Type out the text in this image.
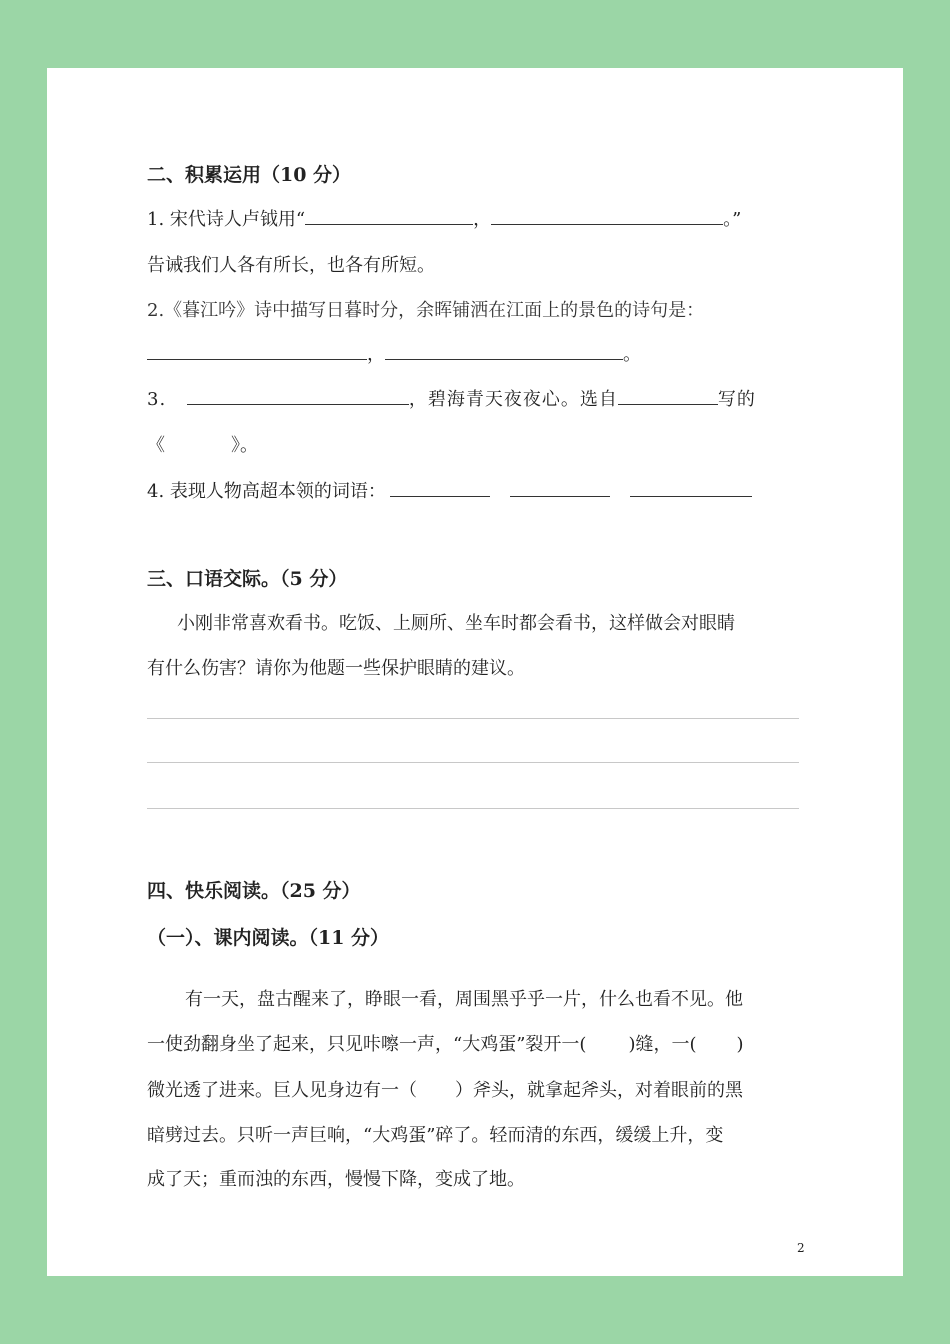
二、积累运用（10 分）
1. 宋代诗人卢钺用“	，	。”
告诫我们人各有所长，也各有所短。
2.《暮江吟》诗中描写日暮时分，余晖铺洒在江面上的景色的诗句是：
，	。
3.	，碧海青天夜夜心。选自	写的
《	》。
4. 表现人物高超本领的词语：
三、口语交际。（5 分）
小刚非常喜欢看书。吃饭、上厕所、坐车时都会看书，这样做会对眼睛
有什么伤害？请你为他题一些保护眼睛的建议。
四、快乐阅读。（25 分）
（一）、课内阅读。（11 分）
有一天，盘古醒来了，睁眼一看，周围黑乎乎一片，什么也看不见。他
一使劲翻身坐了起来，只见咔嚓一声，“大鸡蛋”裂开一( )缝，一( )
微光透了进来。巨人见身边有一（ ）斧头，就拿起斧头，对着眼前的黑
暗劈过去。只听一声巨响，“大鸡蛋”碎了。轻而清的东西，缓缓上升，变
成了天；重而浊的东西，慢慢下降，变成了地。
2
